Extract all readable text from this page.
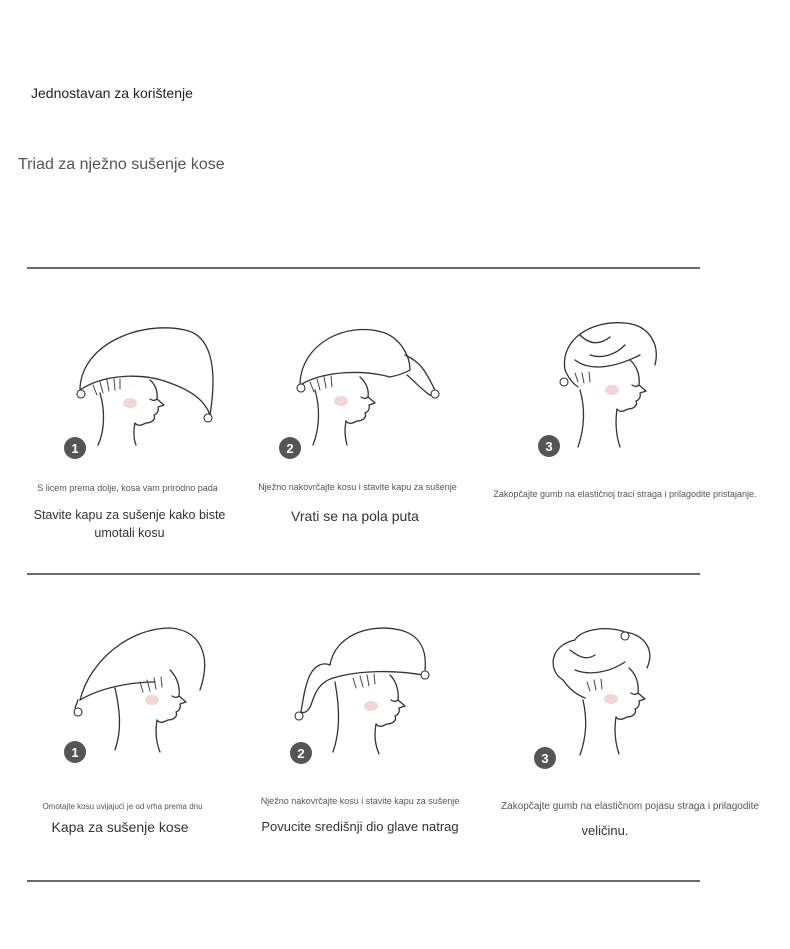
Jednostavan za korištenje
Triad za nježno sušenje kose
1
S licem prema dolje, kosa vam prirodno pada
Stavite kapu za sušenje kako biste umotali kosu
2
Nježno nakovrčajte kosu i stavite kapu za sušenje
Vrati se na pola puta
3
Zakopčajte gumb na elastičnoj traci straga i prilagodite pristajanje.
1
Omotajte kosu uvijajući je od vrha prema dnu
Kapa za sušenje kose
2
Nježno nakovrčajte kosu i stavite kapu za sušenje
Povucite središnji dio glave natrag
3
Zakopčajte gumb na elastičnom pojasu straga i prilagodite
veličinu.
